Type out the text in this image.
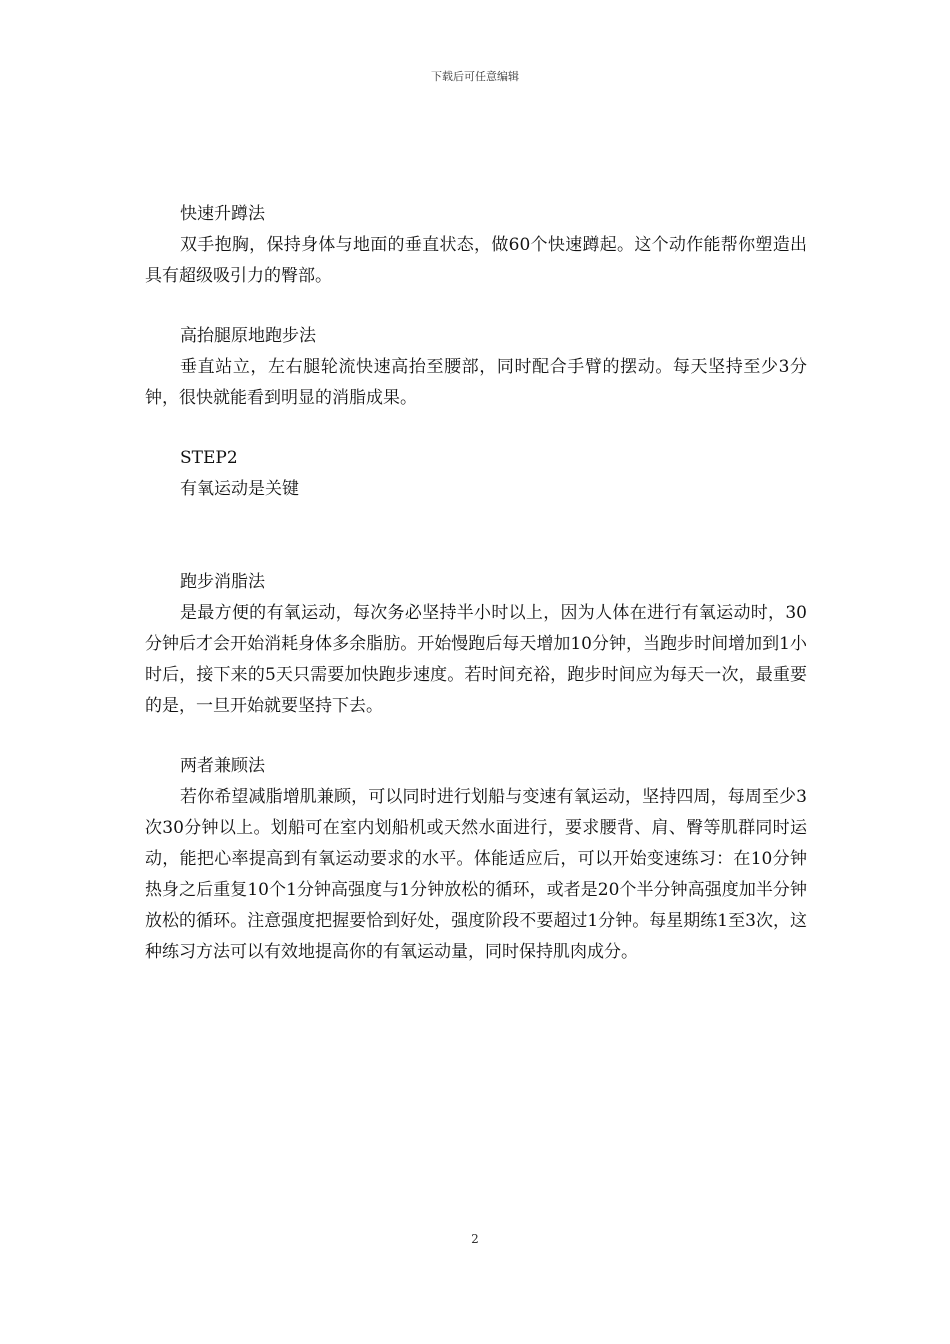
下载后可任意编辑

快速升蹲法

双手抱胸，保持身体与地面的垂直状态，做60个快速蹲起。这个动作能帮你塑造出具有超级吸引力的臀部。

高抬腿原地跑步法

垂直站立，左右腿轮流快速高抬至腰部，同时配合手臂的摆动。每天坚持至少3分钟，很快就能看到明显的消脂成果。

STEP2

有氧运动是关键

跑步消脂法

是最方便的有氧运动，每次务必坚持半小时以上，因为人体在进行有氧运动时，30分钟后才会开始消耗身体多余脂肪。开始慢跑后每天增加10分钟，当跑步时间增加到1小时后，接下来的5天只需要加快跑步速度。若时间充裕，跑步时间应为每天一次，最重要的是，一旦开始就要坚持下去。

两者兼顾法

若你希望减脂增肌兼顾，可以同时进行划船与变速有氧运动，坚持四周，每周至少3次30分钟以上。划船可在室内划船机或天然水面进行，要求腰背、肩、臀等肌群同时运动，能把心率提高到有氧运动要求的水平。体能适应后，可以开始变速练习：在10分钟热身之后重复10个1分钟高强度与1分钟放松的循环，或者是20个半分钟高强度加半分钟放松的循环。注意强度把握要恰到好处，强度阶段不要超过1分钟。每星期练1至3次，这种练习方法可以有效地提高你的有氧运动量，同时保持肌肉成分。

2
